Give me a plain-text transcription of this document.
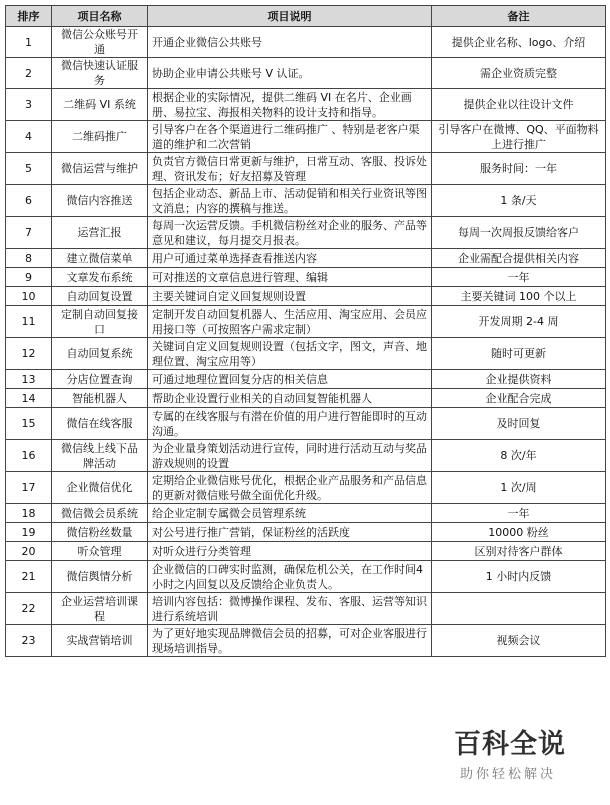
排序	项目名称	项目说明	备注
1	微信公众账号开通	开通企业微信公共账号	提供企业名称、logo、介绍
2	微信快速认证服务	协助企业申请公共账号 V 认证。	需企业资质完整
3	二维码 VI 系统	根据企业的实际情况，提供二维码 VI 在名片、企业画册、易拉宝、海报相关物料的设计支持和指导。	提供企业以往设计文件
4	二维码推广	引导客户在各个渠道进行二维码推广 、特别是老客户渠道的维护和二次营销	引导客户在微博、QQ、平面物料上进行推广
5	微信运营与维护	负责官方微信日常更新与维护，日常互动、客服、投诉处理、资讯发布；好友招募及管理	服务时间：一年
6	微信内容推送	包括企业动态、新品上市、活动促销和相关行业资讯等图文消息；内容的撰稿与推送。	1 条/天
7	运营汇报	每周一次运营反馈。手机微信粉丝对企业的服务、产品等意见和建议，每月提交月报表。	每周一次周报反馈给客户
8	建立微信菜单	用户可通过菜单选择查看推送内容	企业需配合提供相关内容
9	文章发布系统	可对推送的文章信息进行管理、编辑	一年
10	自动回复设置	主要关键词自定义回复规则设置	主要关键词 100 个以上
11	定制自动回复接口	定制开发自动回复机器人、生活应用、淘宝应用、会员应用接口等（可按照客户需求定制）	开发周期 2-4 周
12	自动回复系统	关键词自定义回复规则设置（包括文字，图文，声音、地理位置、淘宝应用等）	随时可更新
13	分店位置查询	可通过地理位置回复分店的相关信息	企业提供资料
14	智能机器人	帮助企业设置行业相关的自动回复智能机器人	企业配合完成
15	微信在线客服	专属的在线客服与有潜在价值的用户进行智能即时的互动沟通。	及时回复
16	微信线上线下品牌活动	为企业量身策划活动进行宣传，同时进行活动互动与奖品游戏规则的设置	8 次/年
17	企业微信优化	定期给企业微信账号优化，根据企业产品服务和产品信息的更新对微信账号做全面优化升级。	1 次/周
18	微信微会员系统	给企业定制专属微会员管理系统	一年
19	微信粉丝数量	对公号进行推广营销，保证粉丝的活跃度	10000 粉丝
20	听众管理	对听众进行分类管理	区别对待客户群体
21	微信舆情分析	企业微信的口碑实时监测，确保危机公关，在工作时间4小时之内回复以及反馈给企业负责人。	1 小时内反馈
22	企业运营培训课程	培训内容包括：微博操作课程、发布、客服、运营等知识进行系统培训	
23	实战营销培训	为了更好地实现品牌微信会员的招募，可对企业客服进行现场培训指导。	视频会议
百科全说
助你轻松解决
